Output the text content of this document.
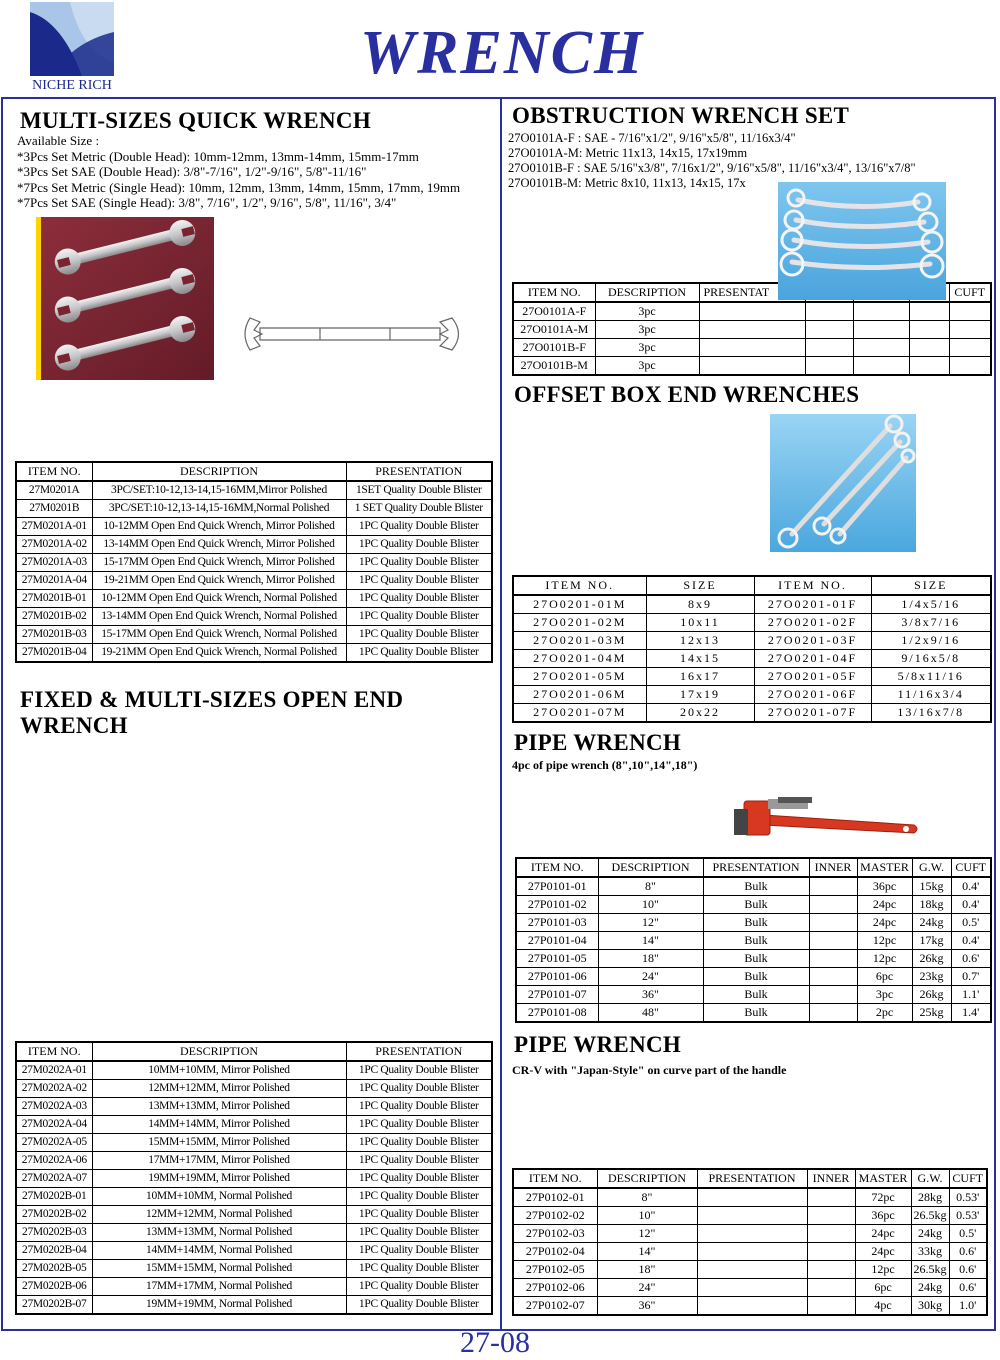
NICHE RICH	WRENCH
MULTI-SIZES QUICK WRENCH
Available Size :
*3Pcs Set Metric (Double Head): 10mm-12mm, 13mm-14mm, 15mm-17mm
*3Pcs Set SAE (Double Head): 3/8"-7/16", 1/2"-9/16", 5/8"-11/16"
*7Pcs Set Metric (Single Head): 10mm, 12mm, 13mm, 14mm, 15mm, 17mm, 19mm
*7Pcs Set SAE (Single Head): 3/8", 7/16", 1/2", 9/16", 5/8", 11/16", 3/4"
ITEM NO.	DESCRIPTION	PRESENTATION
27M0201A	3PC/SET:10-12,13-14,15-16MM,Mirror Polished	1SET Quality Double Blister
27M0201B	3PC/SET:10-12,13-14,15-16MM,Normal Polished	1 SET Quality Double Blister
27M0201A-01	10-12MM Open End Quick Wrench, Mirror Polished	1PC Quality Double Blister
27M0201A-02	13-14MM Open End Quick Wrench, Mirror Polished	1PC Quality Double Blister
27M0201A-03	15-17MM Open End Quick Wrench, Mirror Polished	1PC Quality Double Blister
27M0201A-04	19-21MM Open End Quick Wrench, Mirror Polished	1PC Quality Double Blister
27M0201B-01	10-12MM Open End Quick Wrench, Normal Polished	1PC Quality Double Blister
27M0201B-02	13-14MM Open End Quick Wrench, Normal Polished	1PC Quality Double Blister
27M0201B-03	15-17MM Open End Quick Wrench, Normal Polished	1PC Quality Double Blister
27M0201B-04	19-21MM Open End Quick Wrench, Normal Polished	1PC Quality Double Blister
FIXED & MULTI-SIZES OPEN END
WRENCH
ITEM NO.	DESCRIPTION	PRESENTATION
27M0202A-01	10MM+10MM, Mirror Polished	1PC Quality Double Blister
27M0202A-02	12MM+12MM, Mirror Polished	1PC Quality Double Blister
27M0202A-03	13MM+13MM, Mirror Polished	1PC Quality Double Blister
27M0202A-04	14MM+14MM, Mirror Polished	1PC Quality Double Blister
27M0202A-05	15MM+15MM, Mirror Polished	1PC Quality Double Blister
27M0202A-06	17MM+17MM, Mirror Polished	1PC Quality Double Blister
27M0202A-07	19MM+19MM, Mirror Polished	1PC Quality Double Blister
27M0202B-01	10MM+10MM, Normal Polished	1PC Quality Double Blister
27M0202B-02	12MM+12MM, Normal Polished	1PC Quality Double Blister
27M0202B-03	13MM+13MM, Normal Polished	1PC Quality Double Blister
27M0202B-04	14MM+14MM, Normal Polished	1PC Quality Double Blister
27M0202B-05	15MM+15MM, Normal Polished	1PC Quality Double Blister
27M0202B-06	17MM+17MM, Normal Polished	1PC Quality Double Blister
27M0202B-07	19MM+19MM, Normal Polished	1PC Quality Double Blister
OBSTRUCTION WRENCH SET
27O0101A-F : SAE - 7/16"x1/2", 9/16"x5/8", 11/16x3/4"
27O0101A-M: Metric 11x13, 14x15, 17x19mm
27O0101B-F : SAE 5/16"x3/8", 7/16x1/2", 9/16"x5/8", 11/16"x3/4", 13/16"x7/8"
27O0101B-M: Metric 8x10, 11x13, 14x15, 17x
ITEM NO.	DESCRIPTION	PRESENTAT				CUFT
27O0101A-F	3pc					
27O0101A-M	3pc					
27O0101B-F	3pc					
27O0101B-M	3pc					
OFFSET BOX END WRENCHES
ITEM NO.	SIZE	ITEM NO.	SIZE
27O0201-01M	8x9	27O0201-01F	1/4x5/16
27O0201-02M	10x11	27O0201-02F	3/8x7/16
27O0201-03M	12x13	27O0201-03F	1/2x9/16
27O0201-04M	14x15	27O0201-04F	9/16x5/8
27O0201-05M	16x17	27O0201-05F	5/8x11/16
27O0201-06M	17x19	27O0201-06F	11/16x3/4
27O0201-07M	20x22	27O0201-07F	13/16x7/8
PIPE WRENCH
4pc of pipe wrench (8",10",14",18")
ITEM NO.	DESCRIPTION	PRESENTATION	INNER	MASTER	G.W.	CUFT
27P0101-01	8"	Bulk		36pc	15kg	0.4'
27P0101-02	10"	Bulk		24pc	18kg	0.4'
27P0101-03	12"	Bulk		24pc	24kg	0.5'
27P0101-04	14"	Bulk		12pc	17kg	0.4'
27P0101-05	18"	Bulk		12pc	26kg	0.6'
27P0101-06	24"	Bulk		6pc	23kg	0.7'
27P0101-07	36"	Bulk		3pc	26kg	1.1'
27P0101-08	48"	Bulk		2pc	25kg	1.4'
PIPE WRENCH
CR-V with "Japan-Style" on curve part of the handle
ITEM NO.	DESCRIPTION	PRESENTATION	INNER	MASTER	G.W.	CUFT
27P0102-01	8"			72pc	28kg	0.53'
27P0102-02	10"			36pc	26.5kg	0.53'
27P0102-03	12"			24pc	24kg	0.5'
27P0102-04	14"			24pc	33kg	0.6'
27P0102-05	18"			12pc	26.5kg	0.6'
27P0102-06	24"			6pc	24kg	0.6'
27P0102-07	36"			4pc	30kg	1.0'
27-08
